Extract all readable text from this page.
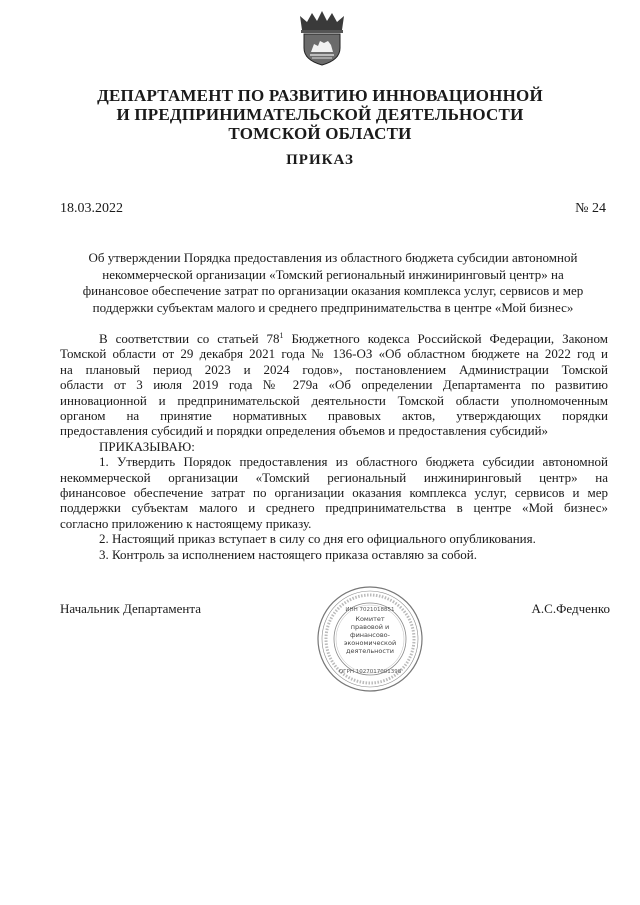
ДЕПАРТАМЕНТ ПО РАЗВИТИЮ ИННОВАЦИОННОЙ
И ПРЕДПРИНИМАТЕЛЬСКОЙ ДЕЯТЕЛЬНОСТИ
ТОМСКОЙ ОБЛАСТИ
ПРИКАЗ
18.03.2022	№ 24
Об утверждении Порядка предоставления из областного бюджета субсидии автономной
некоммерческой организации «Томский региональный инжиниринговый центр» на
финансовое обеспечение затрат по организации оказания комплекса услуг, сервисов и мер
поддержки субъектам малого и среднего предпринимательства в центре «Мой бизнес»

В соответствии со статьей $78^1$ Бюджетного кодекса Российской Федерации, Законом
Томской области от 29 декабря 2021 года № 136-ОЗ «Об областном бюджете на 2022 год и
на плановый период 2023 и 2024 годов», постановлением Администрации Томской
области от 3 июля 2019 года № 279а «Об определении Департамента по развитию
инновационной и предпринимательской деятельности Томской области уполномоченным
органом на принятие нормативных правовых актов, утверждающих порядки
предоставления субсидий и порядки определения объемов и предоставления субсидий»

ПРИКАЗЫВАЮ:

1. Утвердить Порядок предоставления из областного бюджета субсидии автономной
некоммерческой организации «Томский региональный инжиниринговый центр» на
финансовое обеспечение затрат по организации оказания комплекса услуг, сервисов и мер
поддержки субъектам малого и среднего предпринимательства в центре «Мой бизнес»
согласно приложению к настоящему приказу.

2. Настоящий приказ вступает в силу со дня его официального опубликования.

3. Контроль за исполнением настоящего приказа оставляю за собой.

Начальник Департамента	А.С.Федченко
ИНН 7021018851
Комитет
правовой и
финансово-
экономической
деятельности
ОГРН 1027017001398
